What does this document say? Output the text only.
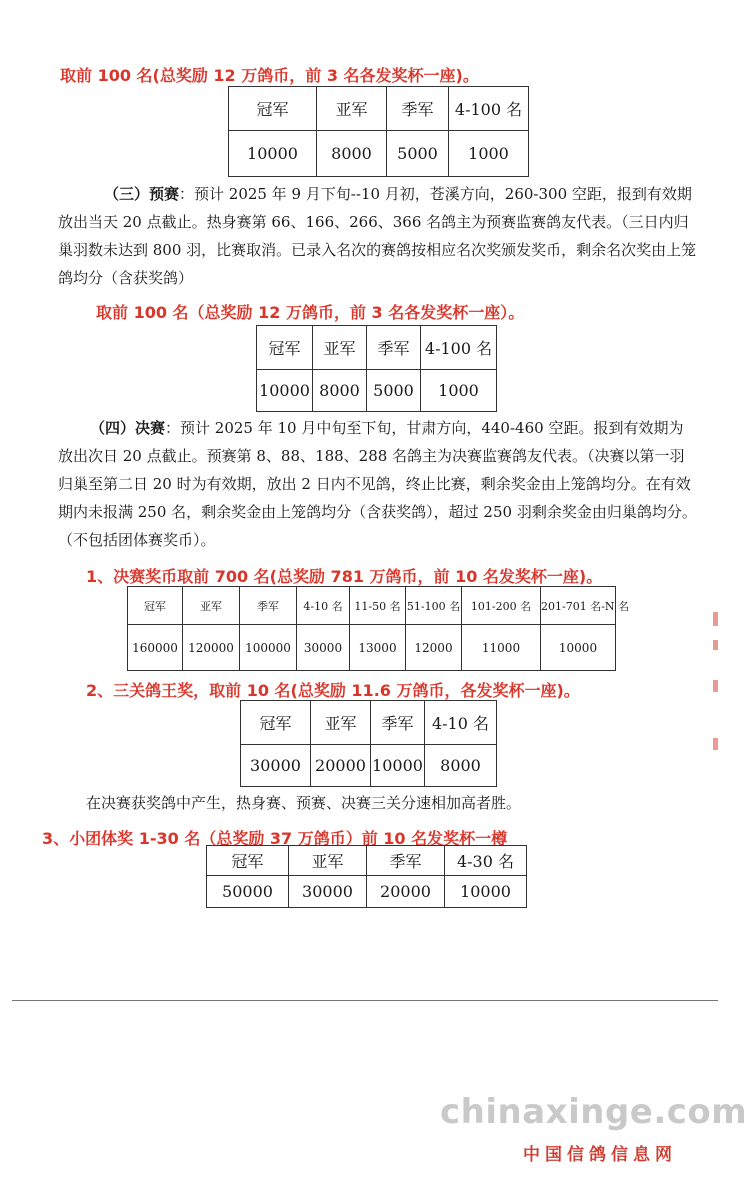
取前 100 名(总奖励 12 万鸽币，前 3 名各发奖杯一座)。
冠军	亚军	季军	4-100 名
10000	8000	5000	1000
（三）预赛：预计 2025 年 9 月下旬--10 月初，苍溪方向，260-300 空距，报到有效期放出当天 20 点截止。热身赛第 66、166、266、366 名鸽主为预赛监赛鸽友代表。（三日内归巢羽数未达到 800 羽，比赛取消。已录入名次的赛鸽按相应名次奖颁发奖币，剩余名次奖由上笼鸽均分（含获奖鸽）
取前 100 名（总奖励 12 万鸽币，前 3 名各发奖杯一座）。
冠军	亚军	季军	4-100 名
10000	8000	5000	1000
（四）决赛：预计 2025 年 10 月中旬至下旬，甘肃方向，440-460 空距。报到有效期为放出次日 20 点截止。预赛第 8、88、188、288 名鸽主为决赛监赛鸽友代表。（决赛以第一羽归巢至第二日 20 时为有效期，放出 2 日内不见鸽，终止比赛，剩余奖金由上笼鸽均分。在有效期内未报满 250 名，剩余奖金由上笼鸽均分（含获奖鸽），超过 250 羽剩余奖金由归巢鸽均分。（不包括团体赛奖币）。
1、决赛奖币取前 700 名(总奖励 781 万鸽币，前 10 名发奖杯一座)。
冠军	亚军	季军	4-10 名	11-50 名	51-100 名	101-200 名	201-701 名-N 名
160000	120000	100000	30000	13000	12000	11000	10000
2、三关鸽王奖，取前 10 名(总奖励 11.6 万鸽币，各发奖杯一座)。
冠军	亚军	季军	4-10 名
30000	20000	10000	8000
在决赛获奖鸽中产生，热身赛、预赛、决赛三关分速相加高者胜。
3、小团体奖 1-30 名（总奖励 37 万鸽币）前 10 名发奖杯一樽
冠军	亚军	季军	4-30 名
50000	30000	20000	10000
chinaxinge.com
中国信鸽信息网
